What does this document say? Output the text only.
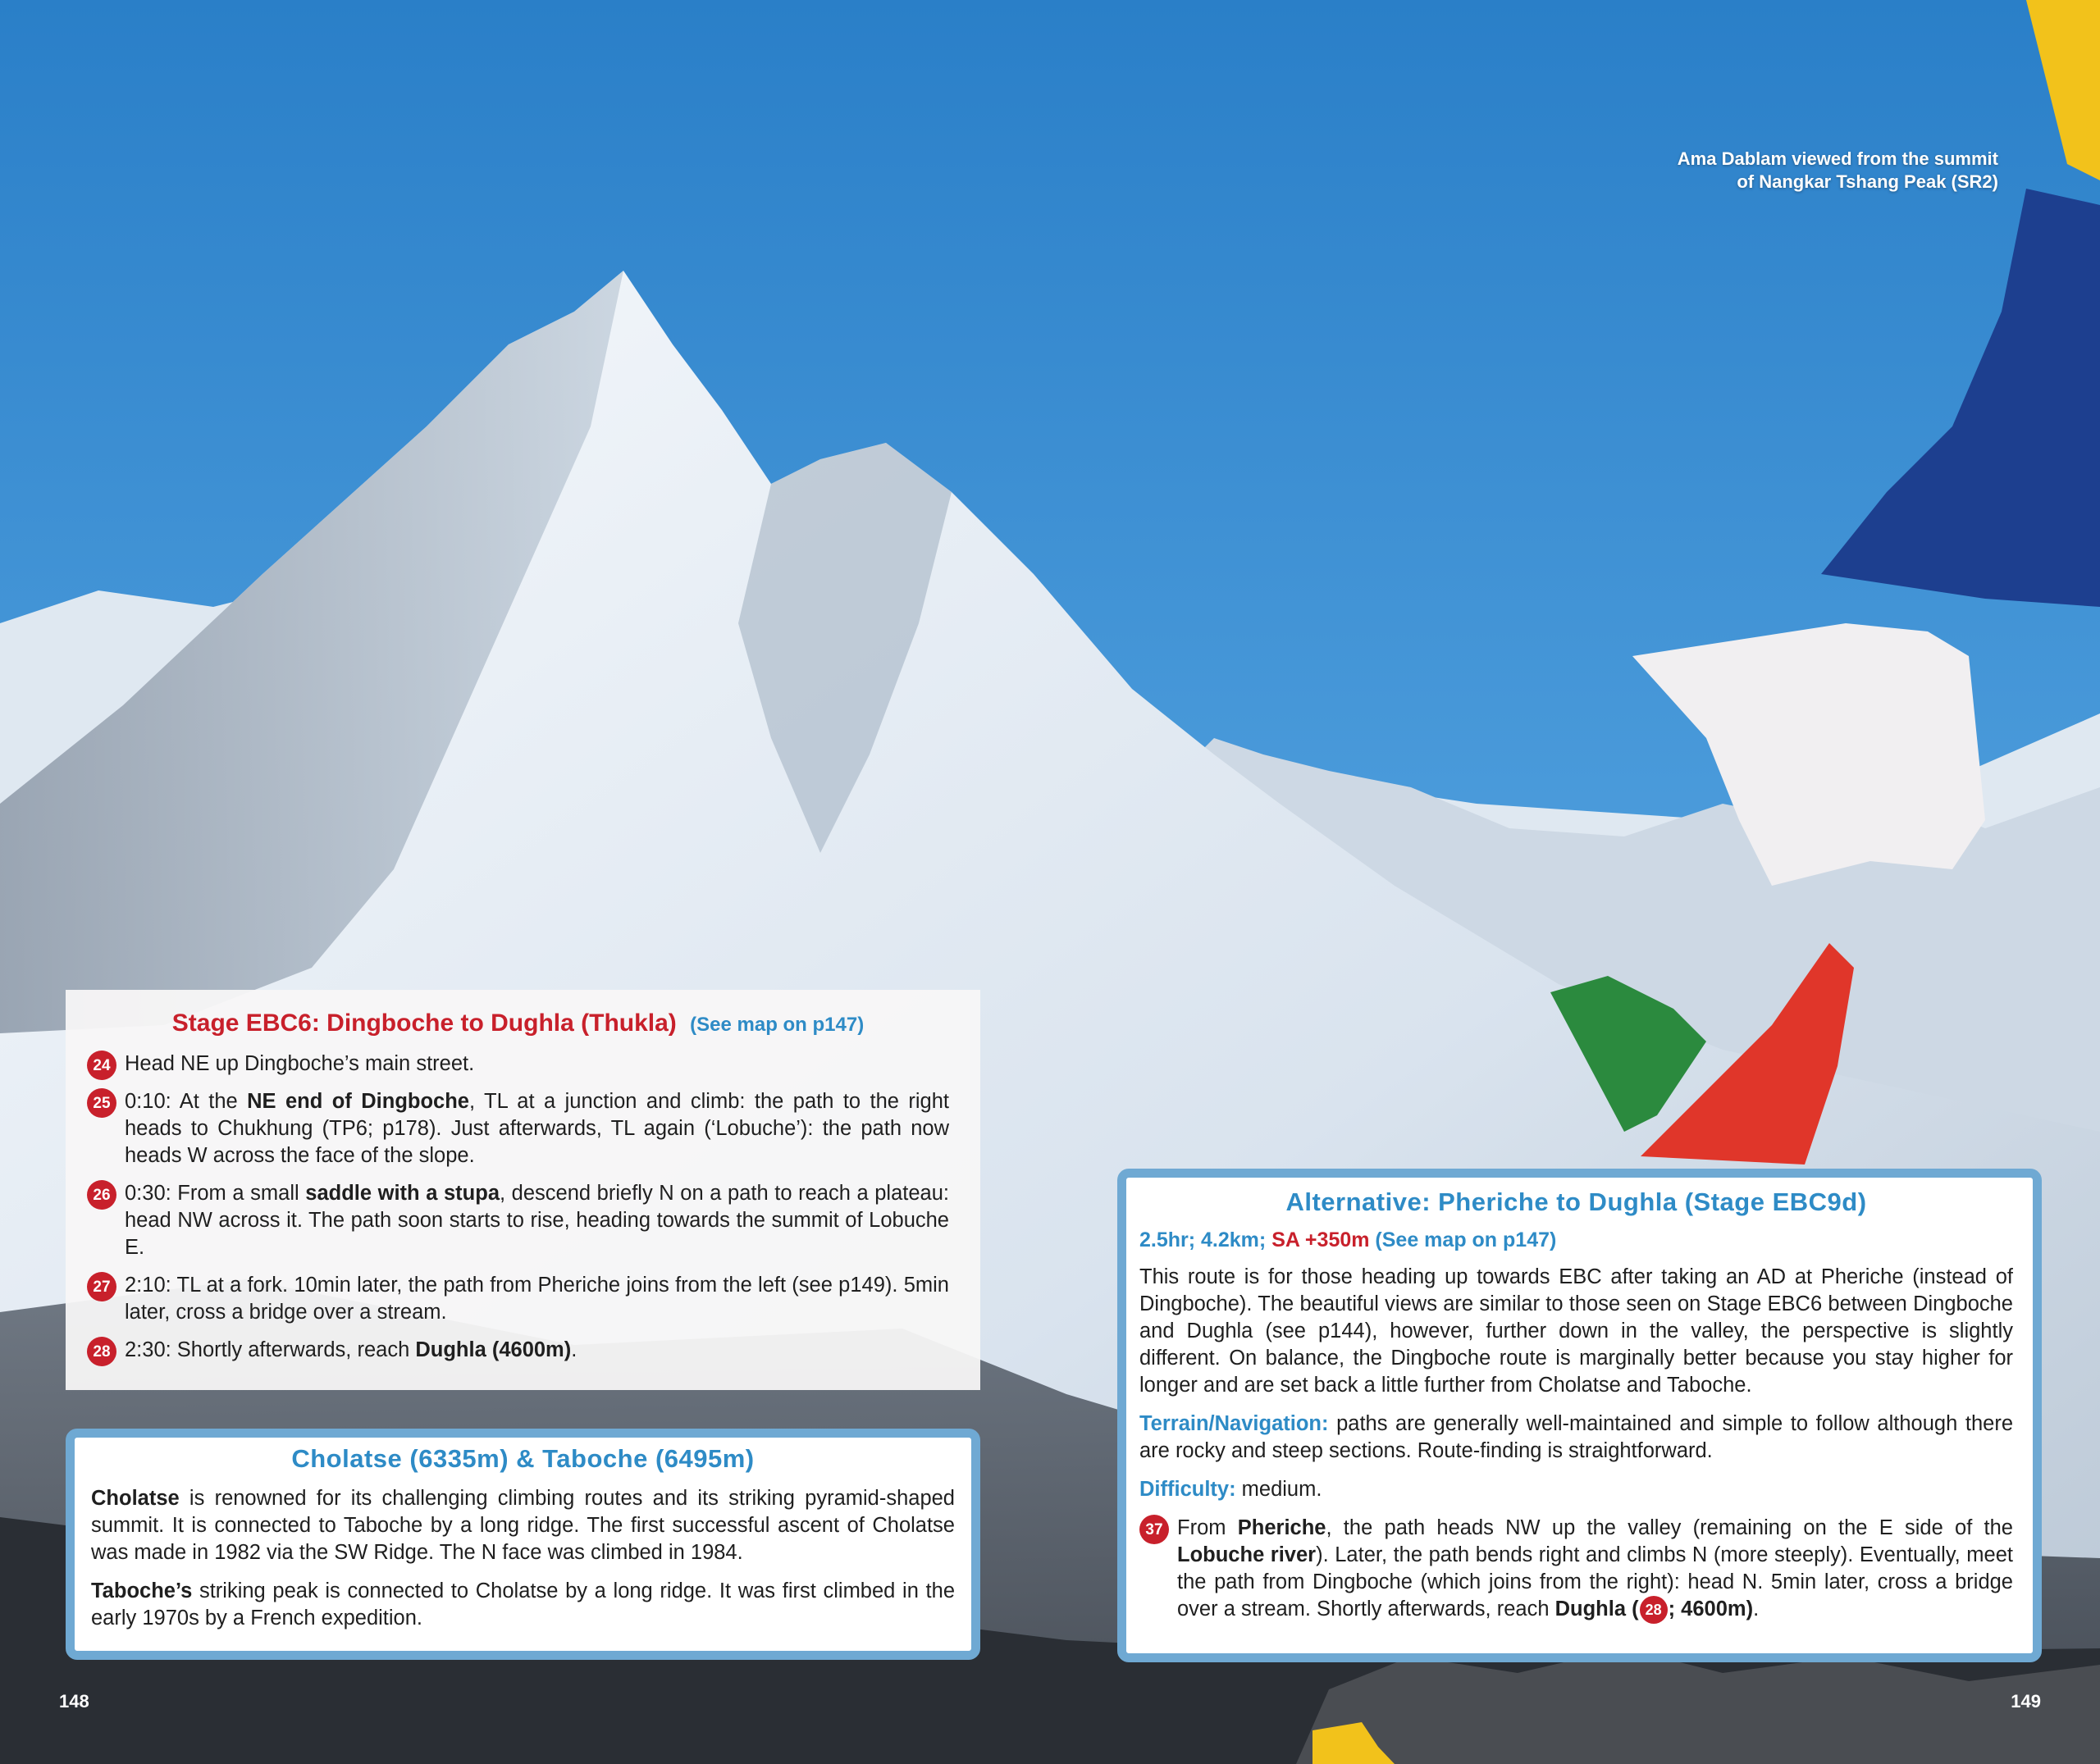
Ama Dablam viewed from the summit
of Nangkar Tshang Peak (SR2)
Stage EBC6: Dingboche to Dughla (Thukla) (See map on p147)
24 Head NE up Dingboche’s main street.
25 0:10: At the NE end of Dingboche, TL at a junction and climb: the path to the right heads to Chukhung (TP6; p178). Just afterwards, TL again (‘Lobuche’): the path now heads W across the face of the slope.
26 0:30: From a small saddle with a stupa, descend briefly N on a path to reach a plateau: head NW across it. The path soon starts to rise, heading towards the summit of Lobuche E.
27 2:10: TL at a fork. 10min later, the path from Pheriche joins from the left (see p149). 5min later, cross a bridge over a stream.
28 2:30: Shortly afterwards, reach Dughla (4600m).
Cholatse (6335m) & Taboche (6495m)

Cholatse is renowned for its challenging climbing routes and its striking pyramid-shaped summit. It is connected to Taboche by a long ridge. The first successful ascent of Cholatse was made in 1982 via the SW Ridge. The N face was climbed in 1984.

Taboche’s striking peak is connected to Cholatse by a long ridge. It was first climbed in the early 1970s by a French expedition.

Alternative: Pheriche to Dughla (Stage EBC9d)
2.5hr; 4.2km; SA +350m (See map on p147)

This route is for those heading up towards EBC after taking an AD at Pheriche (instead of Dingboche). The beautiful views are similar to those seen on Stage EBC6 between Dingboche and Dughla (see p144), however, further down in the valley, the perspective is slightly different. On balance, the Dingboche route is marginally better because you stay higher for longer and are set back a little further from Cholatse and Taboche.

Terrain/Navigation: paths are generally well-maintained and simple to follow although there are rocky and steep sections. Route-finding is straightforward.

Difficulty: medium.

37 From Pheriche, the path heads NW up the valley (remaining on the E side of the Lobuche river). Later, the path bends right and climbs N (more steeply). Eventually, meet the path from Dingboche (which joins from the right): head N. 5min later, cross a bridge over a stream. Shortly afterwards, reach Dughla ( 28 ; 4600m).

148	149
